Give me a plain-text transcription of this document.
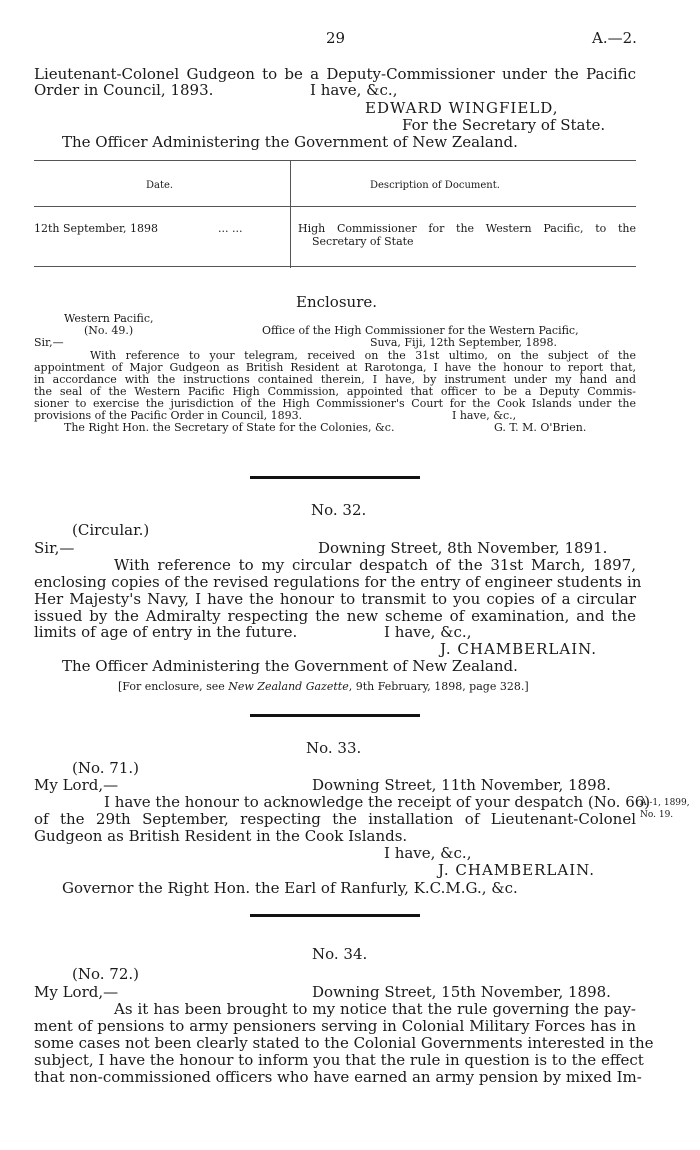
29	A.—2.
Lieutenant-Colonel Gudgeon to be a Deputy-Commissioner under the Pacific
Order in Council, 1893.	I have, &c.,
EDWARD WINGFIELD,
For the Secretary of State.
The Officer Administering the Government of New Zealand.
Date.	Description of Document.
12th September, 1898	... ...	High Commissioner for the Western Pacific, to the
Secretary of State
Enclosure.
Western Pacific,
(No. 49.)	Office of the High Commissioner for the Western Pacific,
Sir,—	Suva, Fiji, 12th September, 1898.
With reference to your telegram, received on the 31st ultimo, on the subject of the
appointment of Major Gudgeon as British Resident at Rarotonga, I have the honour to report that,
in accordance with the instructions contained therein, I have, by instrument under my hand and
the seal of the Western Pacific High Commission, appointed that officer to be a Deputy Commis-
sioner to exercise the jurisdiction of the High Commissioner's Court for the Cook Islands under the
provisions of the Pacific Order in Council, 1893.	I have, &c.,
The Right Hon. the Secretary of State for the Colonies, &c.	G. T. M. O'Brien.
No. 32.
(Circular.)
Sir,—	Downing Street, 8th November, 1891.
With reference to my circular despatch of the 31st March, 1897,
enclosing copies of the revised regulations for the entry of engineer students in
Her Majesty's Navy, I have the honour to transmit to you copies of a circular
issued by the Admiralty respecting the new scheme of examination, and the
limits of age of entry in the future.	I have, &c.,
J. CHAMBERLAIN.
The Officer Administering the Government of New Zealand.
[For enclosure, see New Zealand Gazette, 9th February, 1898, page 328.]
No. 33.
(No. 71.)
My Lord,—	Downing Street, 11th November, 1898.
I have the honour to acknowledge the receipt of your despatch (No. 66)
of the 29th September, respecting the installation of Lieutenant-Colonel
Gudgeon as British Resident in the Cook Islands.
I have, &c.,
J. CHAMBERLAIN.
Governor the Right Hon. the Earl of Ranfurly, K.C.M.G., &c.
A.-1, 1899,
No. 19.
No. 34.
(No. 72.)
My Lord,—	Downing Street, 15th November, 1898.
As it has been brought to my notice that the rule governing the pay-
ment of pensions to army pensioners serving in Colonial Military Forces has in
some cases not been clearly stated to the Colonial Governments interested in the
subject, I have the honour to inform you that the rule in question is to the effect
that non-commissioned officers who have earned an army pension by mixed Im-
